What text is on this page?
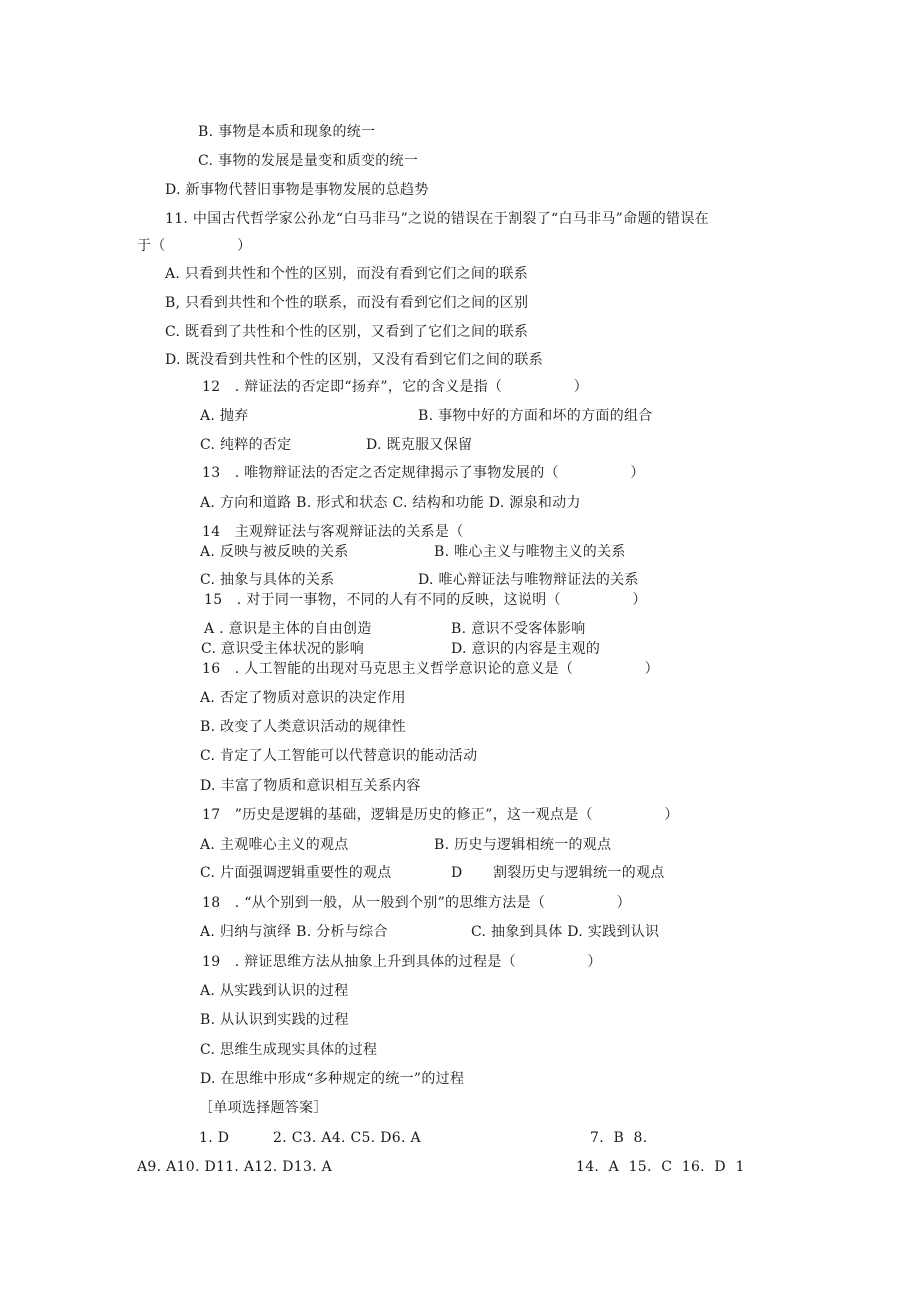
B. 事物是本质和现象的统一
C. 事物的发展是量变和质变的统一
D. 新事物代替旧事物是事物发展的总趋势
11. 中国古代哲学家公孙龙“白马非马”之说的错误在于割裂了“白马非马”命题的错误在
于（　　　　　）
A. 只看到共性和个性的区别，而没有看到它们之间的联系
B, 只看到共性和个性的联系，而没有看到它们之间的区别
C. 既看到了共性和个性的区别，又看到了它们之间的联系
D. 既没看到共性和个性的区别，又没有看到它们之间的联系
12　. 辩证法的否定即“扬弃”，它的含义是指（　　　　　）
A. 抛弃	B. 事物中好的方面和坏的方面的组合
C. 纯粹的否定	D. 既克服又保留
13　. 唯物辩证法的否定之否定规律揭示了事物发展的（　　　　　）
A. 方向和道路 B. 形式和状态 C. 结构和功能 D. 源泉和动力
14　主观辩证法与客观辩证法的关系是（
A. 反映与被反映的关系	B. 唯心主义与唯物主义的关系
C. 抽象与具体的关系	D. 唯心辩证法与唯物辩证法的关系
15　. 对于同一事物，不同的人有不同的反映，这说明（　　　　　）
A . 意识是主体的自由创造	B. 意识不受客体影响
C. 意识受主体状况的影响	D. 意识的内容是主观的
16　. 人工智能的出现对马克思主义哲学意识论的意义是（　　　　　）
A. 否定了物质对意识的决定作用
B. 改变了人类意识活动的规律性
C. 肯定了人工智能可以代替意识的能动活动
D. 丰富了物质和意识相互关系内容
17　”历史是逻辑的基础，逻辑是历史的修正”，这一观点是（　　　　　）
A. 主观唯心主义的观点	B. 历史与逻辑相统一的观点
C. 片面强调逻辑重要性的观点	D 割裂历史与逻辑统一的观点
18　. “从个别到一般，从一般到个别”的思维方法是（　　　　　）
A. 归纳与演绎 B. 分析与综合	C. 抽象到具体 D. 实践到认识
19　. 辩证思维方法从抽象上升到具体的过程是（　　　　　）
A. 从实践到认识的过程
B. 从认识到实践的过程
C. 思维生成现实具体的过程
D. 在思维中形成“多种规定的统一”的过程
［单项选择题答案］
1. D	2. C3. A4. C5. D6. A	7.  B  8.
A9. A10. D11. A12. D13. A	14.  A  15.  C  16.  D  1
